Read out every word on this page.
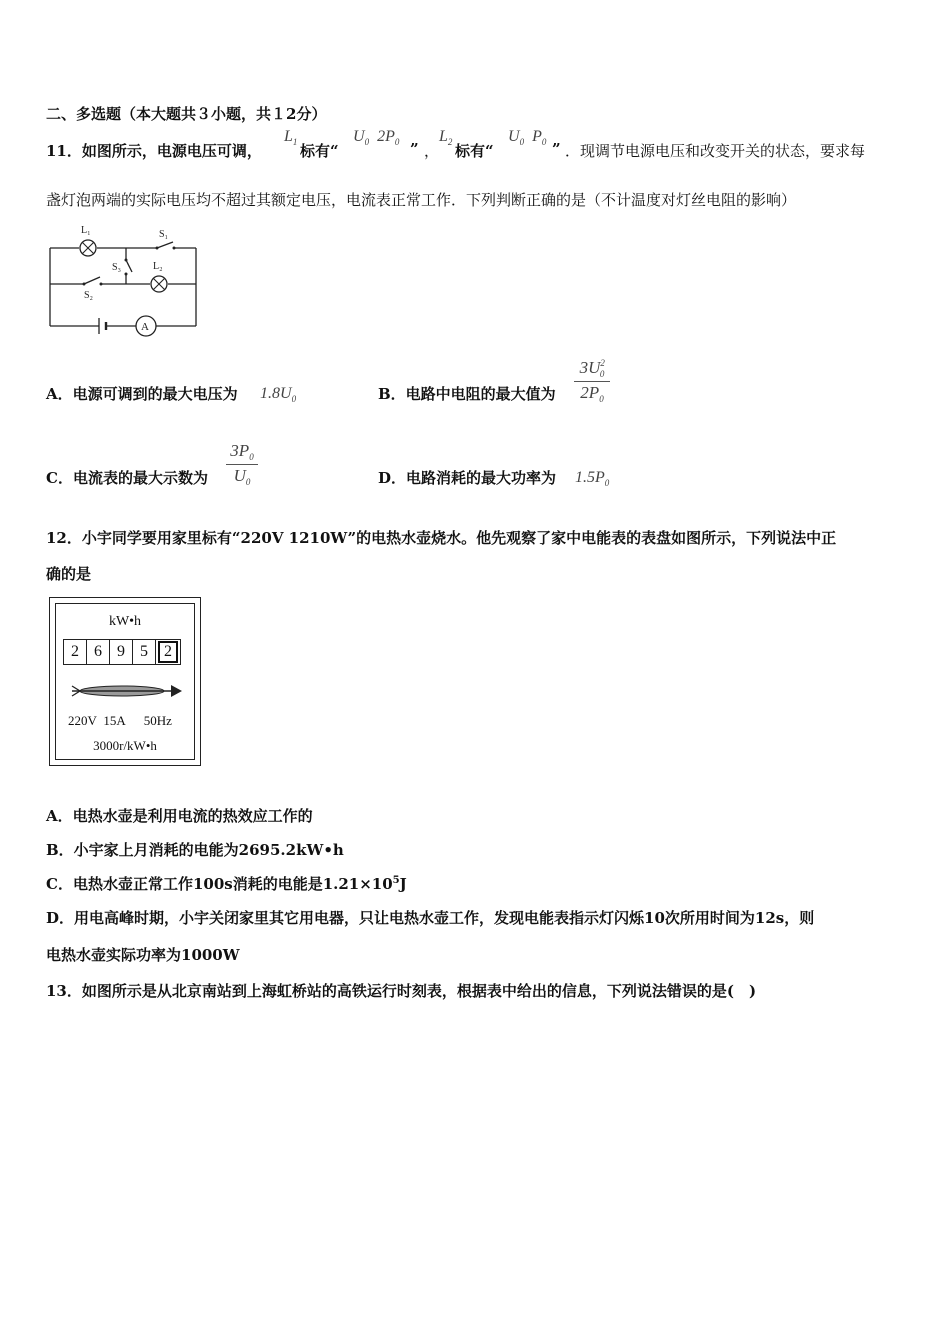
二、多选题（本大题共３小题，共１2分）
11．如图所示，电源电压可调，
$L_1$ 标有“
$U_0$ $2P_0$ ” ，
$L_2$ 标有“
$U_0$ $P_0$ ” ．现调节电源电压和改变开关的状态，要求每
盏灯泡两端的实际电压均不超过其额定电压，电流表正常工作．下列判断正确的是（不计温度对灯丝电阻的影响）
L₁	S₁
S₃	L₂
S₂
A
A．电源可调到的最大电压为 $1.8U_0$	B．电路中电阻的最大值为
$3U^2_0$
$2P_0$
C．电流表的最大示数为
$3P_0$
$U_0$	D．电路消耗的最大功率为 $1.5P_0$
12．小宇同学要用家里标有“220V 1210W”的电热水壶烧水。他先观察了家中电能表的表盘如图所示，下列说法中正
确的是
kW•h
2 6 9 5	2
220V 15A 50Hz
3000r/kW•h
A．电热水壶是利用电流的热效应工作的
B．小宇家上月消耗的电能为2695.2kW•h
C．电热水壶正常工作100s消耗的电能是$1.21\times 10^5J$
D．用电高峰时期，小宇关闭家里其它用电器，只让电热水壶工作，发现电能表指示灯闪烁10次所用时间为12s，则
电热水壶实际功率为1000W
13．如图所示是从北京南站到上海虹桥站的高铁运行时刻表，根据表中给出的信息，下列说法错误的是(　)
